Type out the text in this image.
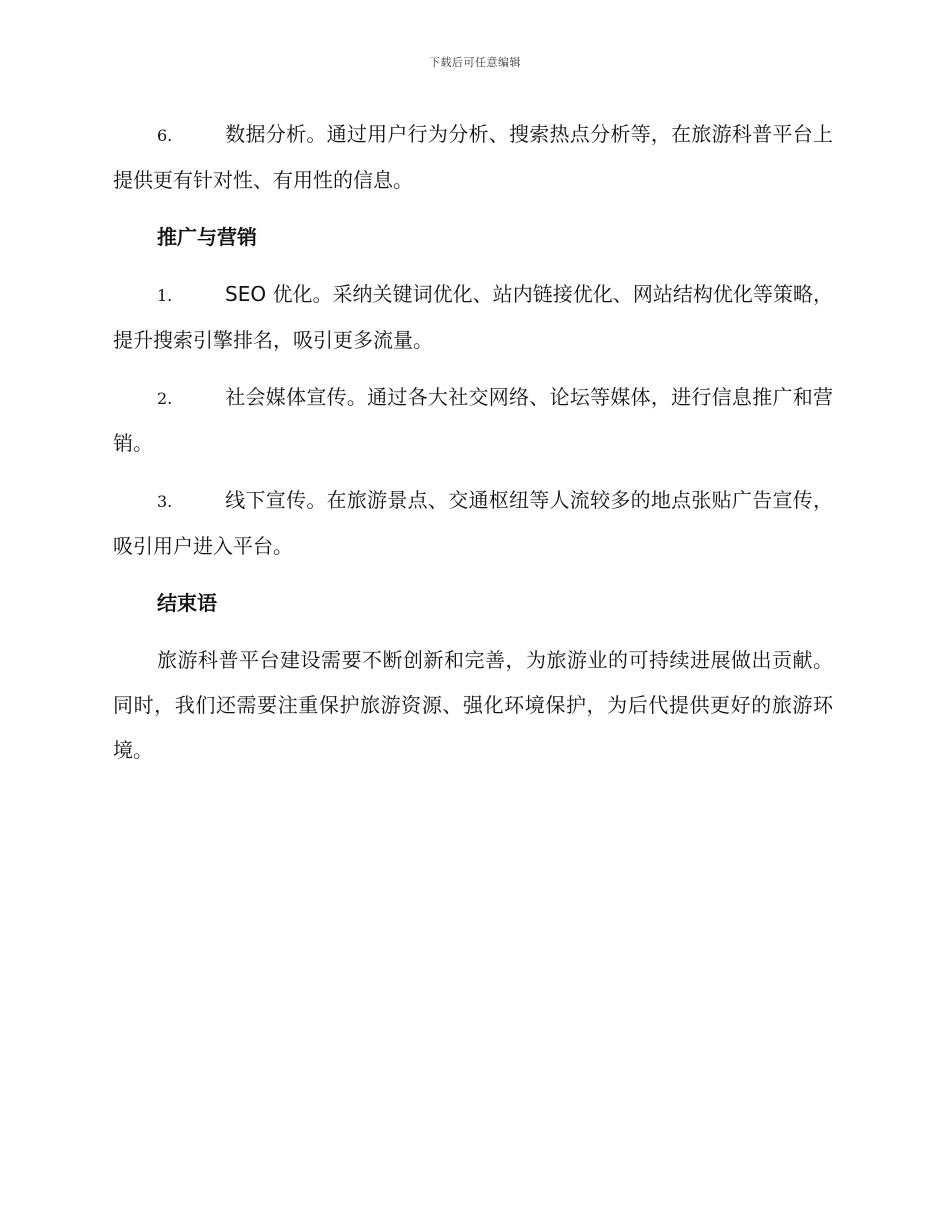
下载后可任意编辑

6.	数据分析。通过用户行为分析、搜索热点分析等，在旅游科普平台上提供更有针对性、有用性的信息。

推广与营销

1.	SEO 优化。采纳关键词优化、站内链接优化、网站结构优化等策略，提升搜索引擎排名，吸引更多流量。

2.	社会媒体宣传。通过各大社交网络、论坛等媒体，进行信息推广和营销。

3.	线下宣传。在旅游景点、交通枢纽等人流较多的地点张贴广告宣传，吸引用户进入平台。

结束语

旅游科普平台建设需要不断创新和完善，为旅游业的可持续进展做出贡献。同时，我们还需要注重保护旅游资源、强化环境保护，为后代提供更好的旅游环境。
